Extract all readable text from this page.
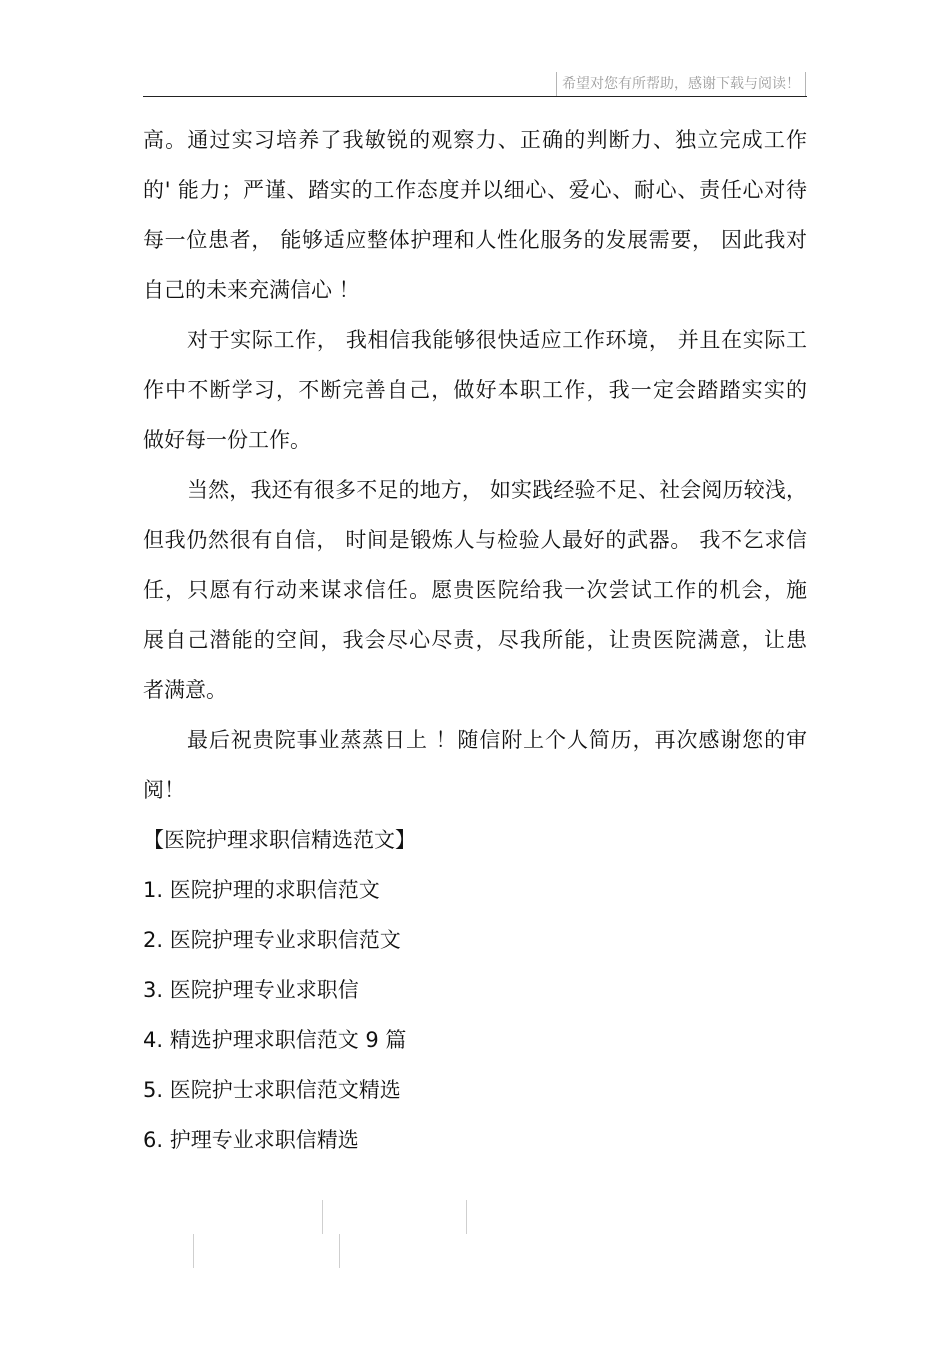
希望对您有所帮助，感谢下载与阅读！
高。通过实习培养了我敏锐的观察力、正确的判断力、独立完成工作
的' 能力；严谨、踏实的工作态度并以细心、爱心、耐心、责任心对待
每一位患者， 能够适应整体护理和人性化服务的发展需要， 因此我对
自己的未来充满信心 ！
对于实际工作， 我相信我能够很快适应工作环境， 并且在实际工
作中不断学习，不断完善自己，做好本职工作，我一定会踏踏实实的
做好每一份工作。
当然，我还有很多不足的地方， 如实践经验不足、社会阅历较浅，
但我仍然很有自信， 时间是锻炼人与检验人最好的武器。 我不乞求信
任，只愿有行动来谋求信任。愿贵医院给我一次尝试工作的机会，施
展自己潜能的空间，我会尽心尽责，尽我所能，让贵医院满意，让患
者满意。
最后祝贵院事业蒸蒸日上 ！随信附上个人简历，再次感谢您的审
阅！
【医院护理求职信精选范文】
1. 医院护理的求职信范文
2. 医院护理专业求职信范文
3. 医院护理专业求职信
4. 精选护理求职信范文 9 篇
5. 医院护士求职信范文精选
6. 护理专业求职信精选
